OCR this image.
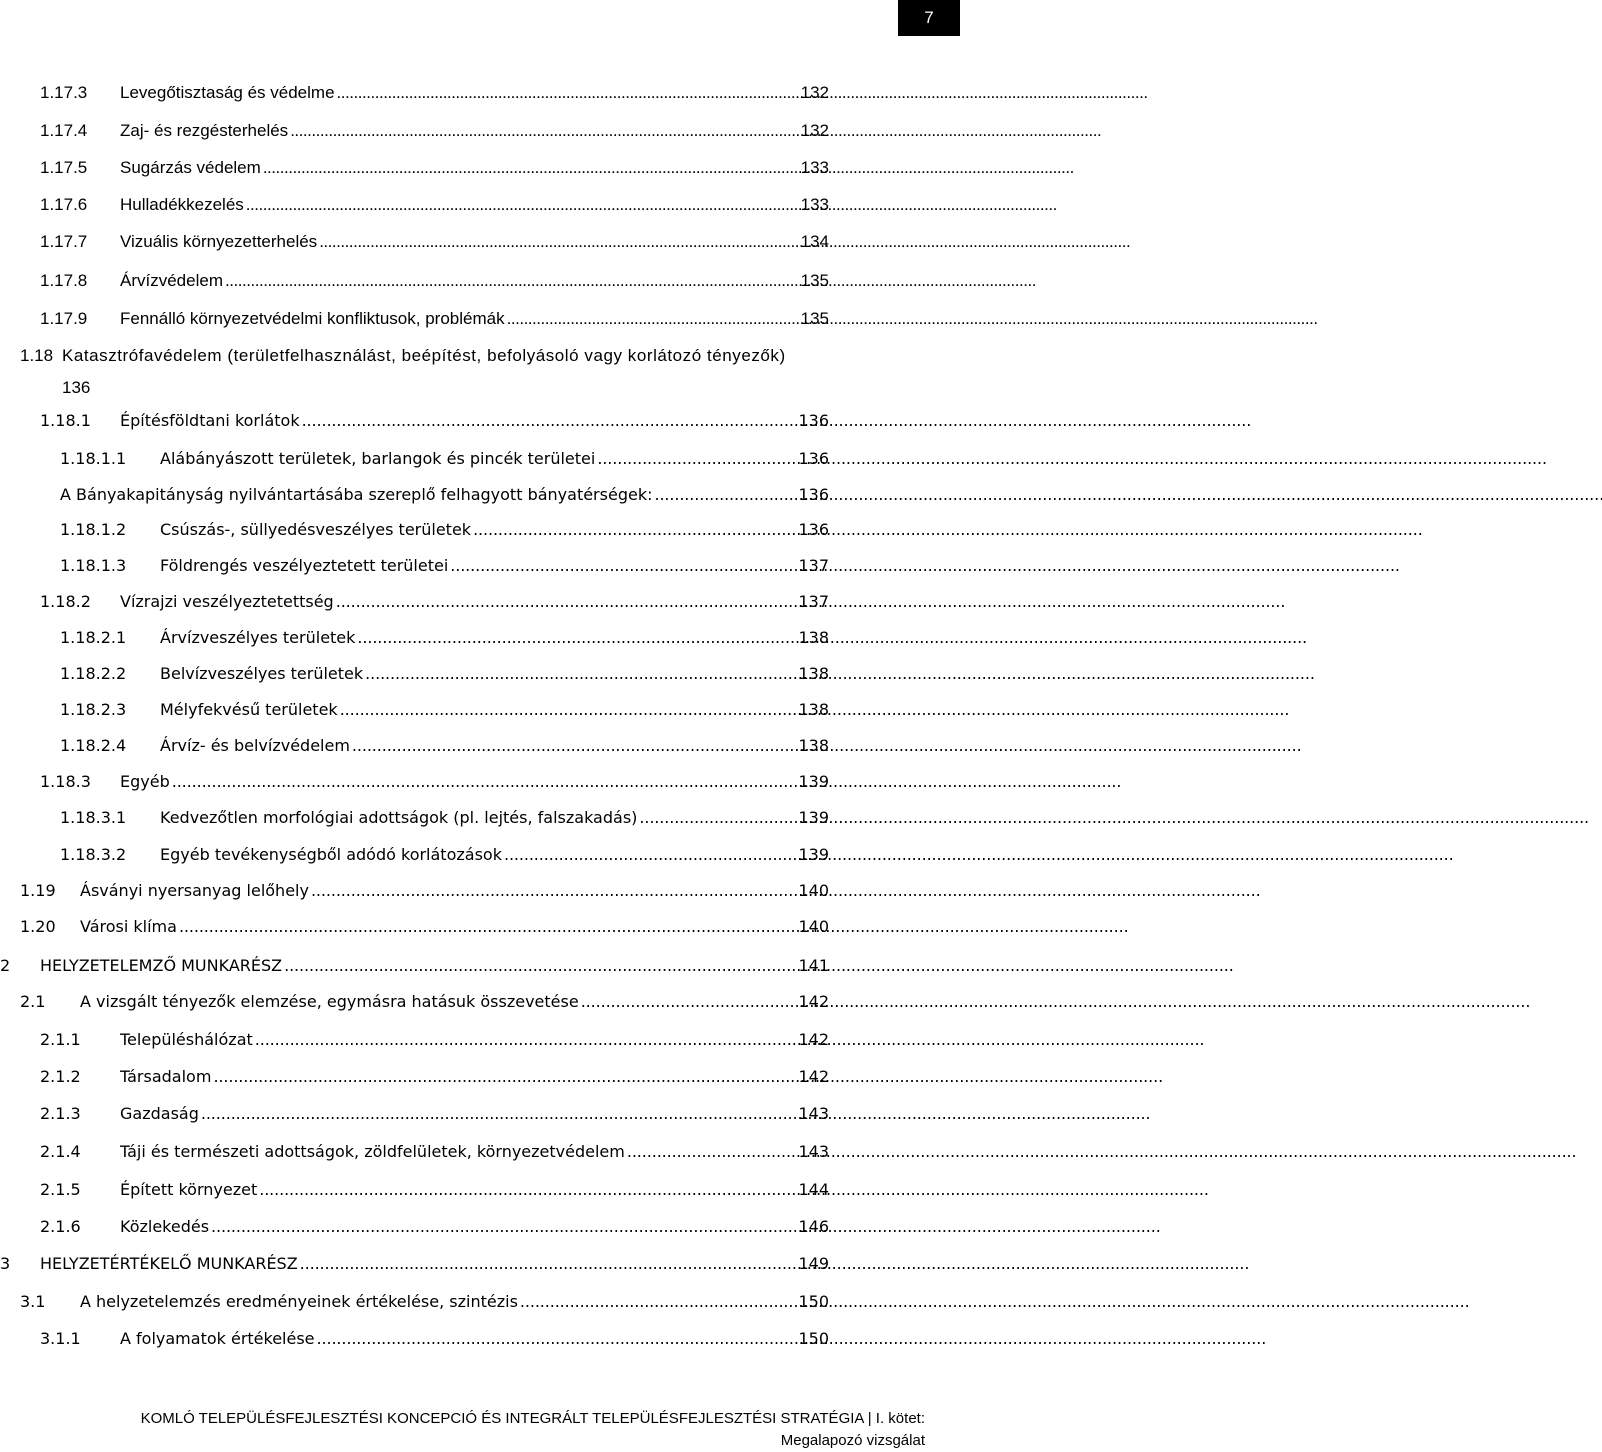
7
1.17.3	Levegőtisztaság és védelme . . .	132
1.17.4	Zaj- és rezgésterhelés . . .	132
1.17.5	Sugárzás védelem . . .	133
1.17.6	Hulladékkezelés . . .	133
1.17.7	Vizuális környezetterhelés . . .	134
1.17.8	Árvízvédelem . . .	135
1.17.9	Fennálló környezetvédelmi konfliktusok, problémák . . .	135
1.18 Katasztrófavédelem (területfelhasználást, beépítést, befolyásoló vagy korlátozó tényezők)
136
1.18.1	Építésföldtani korlátok . . .	136
1.18.1.1	Alábányászott területek, barlangok és pincék területei . . .	136
A Bányakapitányság nyilvántartásába szereplő felhagyott bányatérségek: . . .	136
1.18.1.2	Csúszás-, süllyedésveszélyes területek . . .	136
1.18.1.3	Földrengés veszélyeztetett területei . . .	137
1.18.2	Vízrajzi veszélyeztetettség . . .	137
1.18.2.1	Árvízveszélyes területek . . .	138
1.18.2.2	Belvízveszélyes területek . . .	138
1.18.2.3	Mélyfekvésű területek . . .	138
1.18.2.4	Árvíz- és belvízvédelem . . .	138
1.18.3	Egyéb . . .	139
1.18.3.1	Kedvezőtlen morfológiai adottságok (pl. lejtés, falszakadás) . . .	139
1.18.3.2	Egyéb tevékenységből adódó korlátozások . . .	139
1.19	Ásványi nyersanyag lelőhely . . .	140
1.20	Városi klíma . . .	140
2	HELYZETELEMZŐ MUNKARÉSZ . . .	141
2.1	A vizsgált tényezők elemzése, egymásra hatásuk összevetése . . .	142
2.1.1	Településhálózat . . .	142
2.1.2	Társadalom . . .	142
2.1.3	Gazdaság . . .	143
2.1.4	Táji és természeti adottságok, zöldfelületek, környezetvédelem . . .	143
2.1.5	Épített környezet . . .	144
2.1.6	Közlekedés . . .	146
3	HELYZETÉRTÉKELŐ MUNKARÉSZ . . .	149
3.1	A helyzetelemzés eredményeinek értékelése, szintézis . . .	150
3.1.1	A folyamatok értékelése . . .	150
KOMLÓ TELEPÜLÉSFEJLESZTÉSI KONCEPCIÓ ÉS INTEGRÁLT TELEPÜLÉSFEJLESZTÉSI STRATÉGIA | I. kötet:
Megalapozó vizsgálat
